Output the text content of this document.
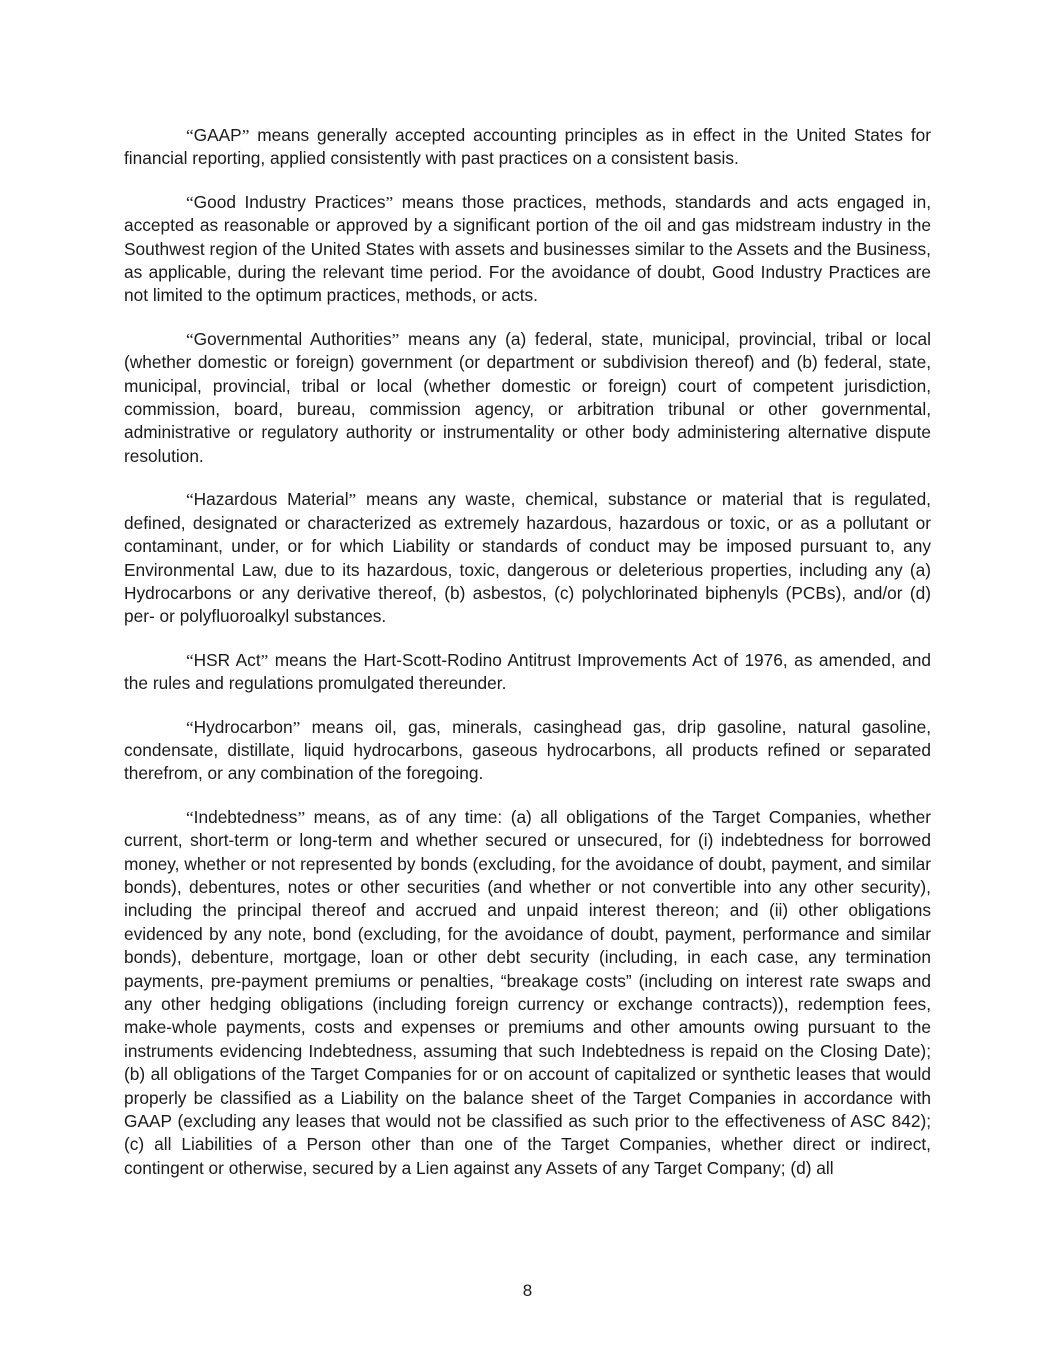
“GAAP” means generally accepted accounting principles as in effect in the United States for financial reporting, applied consistently with past practices on a consistent basis.

“Good Industry Practices” means those practices, methods, standards and acts engaged in, accepted as reasonable or approved by a significant portion of the oil and gas midstream industry in the Southwest region of the United States with assets and businesses similar to the Assets and the Business, as applicable, during the relevant time period. For the avoidance of doubt, Good Industry Practices are not limited to the optimum practices, methods, or acts.

“Governmental Authorities” means any (a) federal, state, municipal, provincial, tribal or local (whether domestic or foreign) government (or department or subdivision thereof) and (b) federal, state, municipal, provincial, tribal or local (whether domestic or foreign) court of competent jurisdiction, commission, board, bureau, commission agency, or arbitration tribunal or other governmental, administrative or regulatory authority or instrumentality or other body administering alternative dispute resolution.

“Hazardous Material” means any waste, chemical, substance or material that is regulated, defined, designated or characterized as extremely hazardous, hazardous or toxic, or as a pollutant or contaminant, under, or for which Liability or standards of conduct may be imposed pursuant to, any Environmental Law, due to its hazardous, toxic, dangerous or deleterious properties, including any (a) Hydrocarbons or any derivative thereof, (b) asbestos, (c) polychlorinated biphenyls (PCBs), and/or (d) per- or polyfluoroalkyl substances.

“HSR Act” means the Hart-Scott-Rodino Antitrust Improvements Act of 1976, as amended, and the rules and regulations promulgated thereunder.

“Hydrocarbon” means oil, gas, minerals, casinghead gas, drip gasoline, natural gasoline, condensate, distillate, liquid hydrocarbons, gaseous hydrocarbons, all products refined or separated therefrom, or any combination of the foregoing.

“Indebtedness” means, as of any time: (a) all obligations of the Target Companies, whether current, short-term or long-term and whether secured or unsecured, for (i) indebtedness for borrowed money, whether or not represented by bonds (excluding, for the avoidance of doubt, payment, and similar bonds), debentures, notes or other securities (and whether or not convertible into any other security), including the principal thereof and accrued and unpaid interest thereon; and (ii) other obligations evidenced by any note, bond (excluding, for the avoidance of doubt, payment, performance and similar bonds), debenture, mortgage, loan or other debt security (including, in each case, any termination payments, pre-payment premiums or penalties, “breakage costs” (including on interest rate swaps and any other hedging obligations (including foreign currency or exchange contracts)), redemption fees, make-whole payments, costs and expenses or premiums and other amounts owing pursuant to the instruments evidencing Indebtedness, assuming that such Indebtedness is repaid on the Closing Date); (b) all obligations of the Target Companies for or on account of capitalized or synthetic leases that would properly be classified as a Liability on the balance sheet of the Target Companies in accordance with GAAP (excluding any leases that would not be classified as such prior to the effectiveness of ASC 842); (c) all Liabilities of a Person other than one of the Target Companies, whether direct or indirect, contingent or otherwise, secured by a Lien against any Assets of any Target Company; (d) all

8
